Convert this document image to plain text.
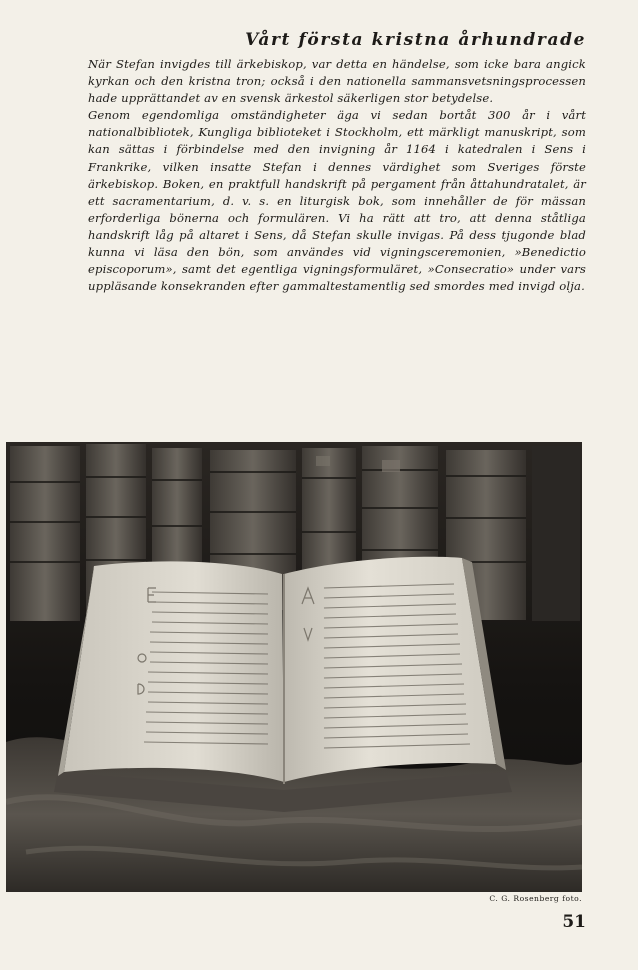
Vårt första kristna århundrade

När Stefan invigdes till ärkebiskop, var detta en händelse, som icke bara angick kyrkan och den kristna tron; också i den nationella sammansvetsningsprocessen hade upprättandet av en svensk ärkestol säkerligen stor betydelse.

Genom egendomliga omständigheter äga vi sedan bortåt 300 år i vårt nationalbibliotek, Kungliga biblioteket i Stockholm, ett märkligt manuskript, som kan sättas i förbindelse med den invigning år 1164 i katedralen i Sens i Frankrike, vilken insatte Stefan i dennes värdighet som Sveriges förste ärkebiskop. Boken, en praktfull handskrift på pergament från åttahundratalet, är ett sacramentarium, d. v. s. en liturgisk bok, som innehåller de för mässan erforderliga bönerna och formulären. Vi ha rätt att tro, att denna ståtliga handskrift låg på altaret i Sens, då Stefan skulle invigas. På dess tjugonde blad kunna vi läsa den bön, som användes vid vigningsceremonien, »Benedictio episcoporum», samt det egentliga vigningsformuläret, »Consecratio» under vars uppläsande konsekranden efter gammaltestamentlig sed smordes med invigd olja.

C. G. Rosenberg foto.
51
